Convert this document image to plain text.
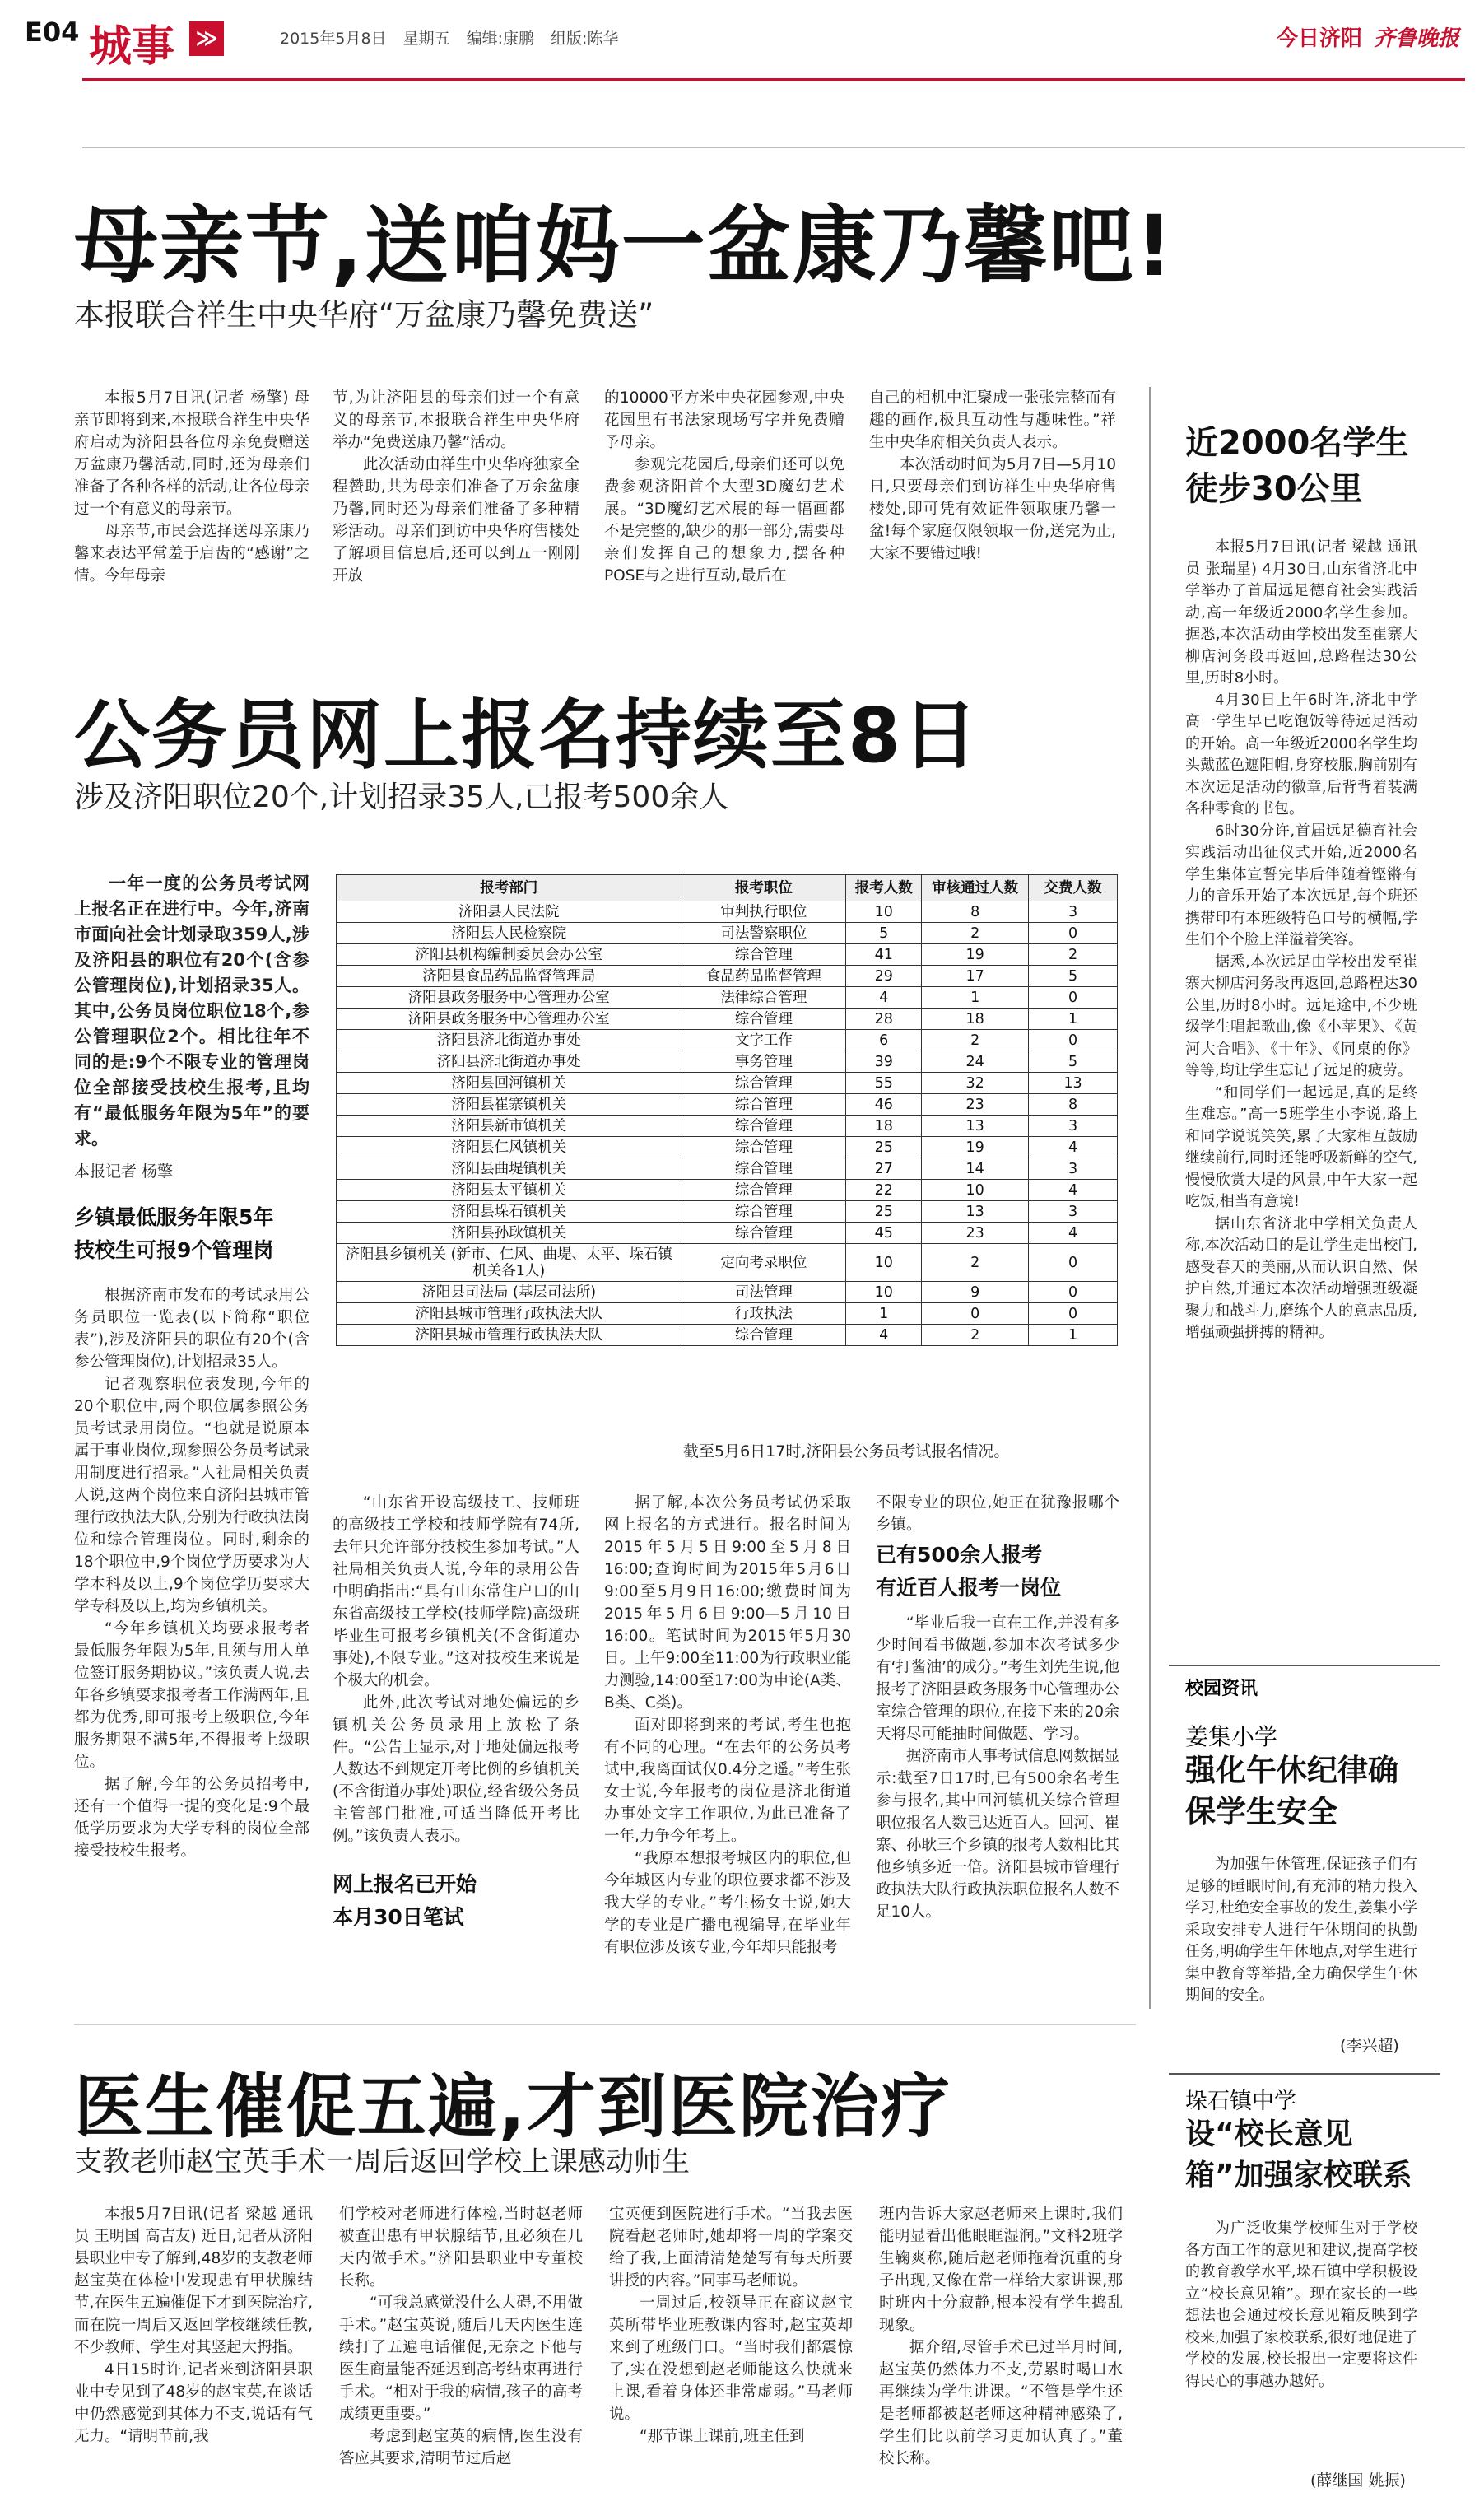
E04 城事 ≫	2015年5月8日 星期五 编辑:康鹏 组版:陈华	今日济阳 齐鲁晚报
母亲节,送咱妈一盆康乃馨吧!
本报联合祥生中央华府“万盆康乃馨免费送”

本报5月7日讯(记者 杨擎) 母亲节即将到来,本报联合祥生中央华府启动为济阳县各位母亲免费赠送万盆康乃馨活动,同时,还为母亲们准备了各种各样的活动,让各位母亲过一个有意义的母亲节。

母亲节,市民会选择送母亲康乃馨来表达平常羞于启齿的“感谢”之情。今年母亲

节,为让济阳县的母亲们过一个有意义的母亲节,本报联合祥生中央华府举办“免费送康乃馨”活动。

此次活动由祥生中央华府独家全程赞助,共为母亲们准备了万余盆康乃馨,同时还为母亲们准备了多种精彩活动。母亲们到访中央华府售楼处了解项目信息后,还可以到五一刚刚开放

的10000平方米中央花园参观,中央花园里有书法家现场写字并免费赠予母亲。

参观完花园后,母亲们还可以免费参观济阳首个大型3D魔幻艺术展。“3D魔幻艺术展的每一幅画都不是完整的,缺少的那一部分,需要母亲们发挥自己的想象力,摆各种POSE与之进行互动,最后在

自己的相机中汇聚成一张张完整而有趣的画作,极具互动性与趣味性。”祥生中央华府相关负责人表示。

本次活动时间为5月7日—5月10日,只要母亲们到访祥生中央华府售楼处,即可凭有效证件领取康乃馨一盆!每个家庭仅限领取一份,送完为止,大家不要错过哦!

近2000名学生徒步30公里

本报5月7日讯(记者 梁越 通讯员 张瑞星) 4月30日,山东省济北中学举办了首届远足德育社会实践活动,高一年级近2000名学生参加。据悉,本次活动由学校出发至崔寨大柳店河务段再返回,总路程达30公里,历时8小时。

4月30日上午6时许,济北中学高一学生早已吃饱饭等待远足活动的开始。高一年级近2000名学生均头戴蓝色遮阳帽,身穿校服,胸前别有本次远足活动的徽章,后背背着装满各种零食的书包。

6时30分许,首届远足德育社会实践活动出征仪式开始,近2000名学生集体宣誓完毕后伴随着铿锵有力的音乐开始了本次远足,每个班还携带印有本班级特色口号的横幅,学生们个个脸上洋溢着笑容。

据悉,本次远足由学校出发至崔寨大柳店河务段再返回,总路程达30公里,历时8小时。远足途中,不少班级学生唱起歌曲,像《小苹果》、《黄河大合唱》、《十年》、《同桌的你》等等,均让学生忘记了远足的疲劳。

“和同学们一起远足,真的是终生难忘。”高一5班学生小李说,路上和同学说说笑笑,累了大家相互鼓励继续前行,同时还能呼吸新鲜的空气,慢慢欣赏大堤的风景,中午大家一起吃饭,相当有意境!

据山东省济北中学相关负责人称,本次活动目的是让学生走出校门,感受春天的美丽,从而认识自然、保护自然,并通过本次活动增强班级凝聚力和战斗力,磨练个人的意志品质,增强顽强拼搏的精神。

公务员网上报名持续至8日
涉及济阳职位20个,计划招录35人,已报考500余人

一年一度的公务员考试网上报名正在进行中。今年,济南市面向社会计划录取359人,涉及济阳县的职位有20个(含参公管理岗位),计划招录35人。其中,公务员岗位职位18个,参公管理职位2个。相比往年不同的是:9个不限专业的管理岗位全部接受技校生报考,且均有“最低服务年限为5年”的要求。

本报记者 杨擎
乡镇最低服务年限5年
技校生可报9个管理岗

根据济南市发布的考试录用公务员职位一览表(以下简称“职位表”),涉及济阳县的职位有20个(含参公管理岗位),计划招录35人。

记者观察职位表发现,今年的20个职位中,两个职位属参照公务员考试录用岗位。“也就是说原本属于事业岗位,现参照公务员考试录用制度进行招录。”人社局相关负责人说,这两个岗位来自济阳县城市管理行政执法大队,分别为行政执法岗位和综合管理岗位。同时,剩余的18个职位中,9个岗位学历要求为大学本科及以上,9个岗位学历要求大学专科及以上,均为乡镇机关。

“今年乡镇机关均要求报考者最低服务年限为5年,且须与用人单位签订服务期协议。”该负责人说,去年各乡镇要求报考者工作满两年,且都为优秀,即可报考上级职位,今年服务期限不满5年,不得报考上级职位。

据了解,今年的公务员招考中,还有一个值得一提的变化是:9个最低学历要求为大学专科的岗位全部接受技校生报考。

报考部门	报考职位	报考人数	审核通过人数	交费人数
济阳县人民法院	审判执行职位	10	8	3
济阳县人民检察院	司法警察职位	5	2	0
济阳县机构编制委员会办公室	综合管理	41	19	2
济阳县食品药品监督管理局	食品药品监督管理	29	17	5
济阳县政务服务中心管理办公室	法律综合管理	4	1	0
济阳县政务服务中心管理办公室	综合管理	28	18	1
济阳县济北街道办事处	文字工作	6	2	0
济阳县济北街道办事处	事务管理	39	24	5
济阳县回河镇机关	综合管理	55	32	13
济阳县崔寨镇机关	综合管理	46	23	8
济阳县新市镇机关	综合管理	18	13	3
济阳县仁风镇机关	综合管理	25	19	4
济阳县曲堤镇机关	综合管理	27	14	3
济阳县太平镇机关	综合管理	22	10	4
济阳县垛石镇机关	综合管理	25	13	3
济阳县孙耿镇机关	综合管理	45	23	4
济阳县乡镇机关 (新市、仁风、曲堤、太平、垛石镇机关各1人)	定向考录职位	10	2	0
济阳县司法局 (基层司法所)	司法管理	10	9	0
济阳县城市管理行政执法大队	行政执法	1	0	0
济阳县城市管理行政执法大队	综合管理	4	2	1
截至5月6日17时,济阳县公务员考试报名情况。

“山东省开设高级技工、技师班的高级技工学校和技师学院有74所,去年只允许部分技校生参加考试。”人社局相关负责人说,今年的录用公告中明确指出:“具有山东常住户口的山东省高级技工学校(技师学院)高级班毕业生可报考乡镇机关(不含街道办事处),不限专业。”这对技校生来说是个极大的机会。

此外,此次考试对地处偏远的乡镇机关公务员录用上放松了条件。“公告上显示,对于地处偏远报考人数达不到规定开考比例的乡镇机关(不含街道办事处)职位,经省级公务员主管部门批准,可适当降低开考比例。”该负责人表示。

网上报名已开始
本月30日笔试

据了解,本次公务员考试仍采取网上报名的方式进行。报名时间为2015年5月5日9:00至5月8日16:00;查询时间为2015年5月6日9:00至5月9日16:00;缴费时间为2015年5月6日9:00—5月10日16:00。笔试时间为2015年5月30日。上午9:00至11:00为行政职业能力测验,14:00至17:00为申论(A类、B类、C类)。

面对即将到来的考试,考生也抱有不同的心理。“在去年的公务员考试中,我离面试仅0.4分之遥。”考生张女士说,今年报考的岗位是济北街道办事处文字工作职位,为此已准备了一年,力争今年考上。

“我原本想报考城区内的职位,但今年城区内专业的职位要求都不涉及我大学的专业。”考生杨女士说,她大学的专业是广播电视编导,在毕业年有职位涉及该专业,今年却只能报考

不限专业的职位,她正在犹豫报哪个乡镇。

已有500余人报考
有近百人报考一岗位

“毕业后我一直在工作,并没有多少时间看书做题,参加本次考试多少有‘打酱油’的成分。”考生刘先生说,他报考了济阳县政务服务中心管理办公室综合管理的职位,在接下来的20余天将尽可能抽时间做题、学习。

据济南市人事考试信息网数据显示:截至7日17时,已有500余名考生参与报名,其中回河镇机关综合管理职位报名人数已达近百人。回河、崔寨、孙耿三个乡镇的报考人数相比其他乡镇多近一倍。济阳县城市管理行政执法大队行政执法职位报名人数不足10人。

校园资讯
姜集小学
强化午休纪律确保学生安全

为加强午休管理,保证孩子们有足够的睡眠时间,有充沛的精力投入学习,杜绝安全事故的发生,姜集小学采取安排专人进行午休期间的执勤任务,明确学生午休地点,对学生进行集中教育等举措,全力确保学生午休期间的安全。

(李兴超)
垛石镇中学
设“校长意见箱”加强家校联系

为广泛收集学校师生对于学校各方面工作的意见和建议,提高学校的教育教学水平,垛石镇中学积极设立“校长意见箱”。现在家长的一些想法也会通过校长意见箱反映到学校来,加强了家校联系,很好地促进了学校的发展,校长报出一定要将这件得民心的事越办越好。

(薛继国 姚振)
医生催促五遍,才到医院治疗
支教老师赵宝英手术一周后返回学校上课感动师生

本报5月7日讯(记者 梁越 通讯员 王明国 高吉友) 近日,记者从济阳县职业中专了解到,48岁的支教老师赵宝英在体检中发现患有甲状腺结节,在医生五遍催促下才到医院治疗,而在院一周后又返回学校继续任教,不少教师、学生对其竖起大拇指。

4日15时许,记者来到济阳县职业中专见到了48岁的赵宝英,在谈话中仍然感觉到其体力不支,说话有气无力。“请明节前,我

们学校对老师进行体检,当时赵老师被查出患有甲状腺结节,且必须在几天内做手术。”济阳县职业中专董校长称。

“可我总感觉没什么大碍,不用做手术。”赵宝英说,随后几天内医生连续打了五遍电话催促,无奈之下他与医生商量能否延迟到高考结束再进行手术。“相对于我的病情,孩子的高考成绩更重要。”

考虑到赵宝英的病情,医生没有答应其要求,清明节过后赵

宝英便到医院进行手术。“当我去医院看赵老师时,她却将一周的学案交给了我,上面清清楚楚写有每天所要讲授的内容。”同事马老师说。

一周过后,校领导正在商议赵宝英所带毕业班教课内容时,赵宝英却来到了班级门口。“当时我们都震惊了,实在没想到赵老师能这么快就来上课,看着身体还非常虚弱。”马老师说。

“那节课上课前,班主任到

班内告诉大家赵老师来上课时,我们能明显看出他眼眶湿润。”文科2班学生鞠爽称,随后赵老师拖着沉重的身子出现,又像在常一样给大家讲课,那时班内十分寂静,根本没有学生捣乱现象。

据介绍,尽管手术已过半月时间,赵宝英仍然体力不支,劳累时喝口水再继续为学生讲课。“不管是学生还是老师都被赵老师这种精神感染了,学生们比以前学习更加认真了。”董校长称。
